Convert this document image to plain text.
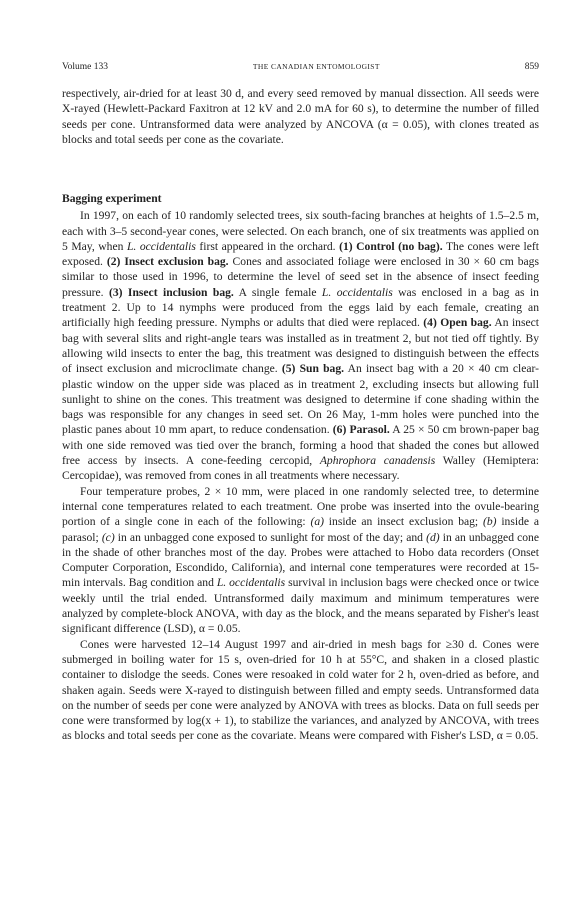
Volume 133	THE CANADIAN ENTOMOLOGIST	859

respectively, air-dried for at least 30 d, and every seed removed by manual dissection. All seeds were X-rayed (Hewlett-Packard Faxitron at 12 kV and 2.0 mA for 60 s), to determine the number of filled seeds per cone. Untransformed data were analyzed by ANCOVA (α = 0.05), with clones treated as blocks and total seeds per cone as the covariate.

Bagging experiment

In 1997, on each of 10 randomly selected trees, six south-facing branches at heights of 1.5–2.5 m, each with 3–5 second-year cones, were selected. On each branch, one of six treatments was applied on 5 May, when L. occidentalis first appeared in the orchard. (1) Control (no bag). The cones were left exposed. (2) Insect exclusion bag. Cones and associated foliage were enclosed in 30 × 60 cm bags similar to those used in 1996, to determine the level of seed set in the absence of insect feeding pressure. (3) Insect inclusion bag. A single female L. occidentalis was enclosed in a bag as in treatment 2. Up to 14 nymphs were produced from the eggs laid by each female, creating an artificially high feeding pressure. Nymphs or adults that died were replaced. (4) Open bag. An insect bag with several slits and right-angle tears was installed as in treatment 2, but not tied off tightly. By allowing wild insects to enter the bag, this treatment was designed to distinguish between the effects of insect exclusion and microclimate change. (5) Sun bag. An insect bag with a 20 × 40 cm clear-plastic window on the upper side was placed as in treatment 2, excluding insects but allowing full sunlight to shine on the cones. This treatment was designed to determine if cone shading within the bags was responsible for any changes in seed set. On 26 May, 1-mm holes were punched into the plastic panes about 10 mm apart, to reduce condensation. (6) Parasol. A 25 × 50 cm brown-paper bag with one side removed was tied over the branch, forming a hood that shaded the cones but allowed free access by insects. A cone-feeding cercopid, Aphrophora canadensis Walley (Hemiptera: Cercopidae), was removed from cones in all treatments where necessary.

Four temperature probes, 2 × 10 mm, were placed in one randomly selected tree, to determine internal cone temperatures related to each treatment. One probe was inserted into the ovule-bearing portion of a single cone in each of the following: (a) inside an insect exclusion bag; (b) inside a parasol; (c) in an unbagged cone exposed to sunlight for most of the day; and (d) in an unbagged cone in the shade of other branches most of the day. Probes were attached to Hobo data recorders (Onset Computer Corporation, Escondido, California), and internal cone temperatures were recorded at 15-min intervals. Bag condition and L. occidentalis survival in inclusion bags were checked once or twice weekly until the trial ended. Untransformed daily maximum and minimum temperatures were analyzed by complete-block ANOVA, with day as the block, and the means separated by Fisher's least significant difference (LSD), α = 0.05.

Cones were harvested 12–14 August 1997 and air-dried in mesh bags for ≥30 d. Cones were submerged in boiling water for 15 s, oven-dried for 10 h at 55°C, and shaken in a closed plastic container to dislodge the seeds. Cones were resoaked in cold water for 2 h, oven-dried as before, and shaken again. Seeds were X-rayed to distinguish between filled and empty seeds. Untransformed data on the number of seeds per cone were analyzed by ANOVA with trees as blocks. Data on full seeds per cone were transformed by log(x + 1), to stabilize the variances, and analyzed by ANCOVA, with trees as blocks and total seeds per cone as the covariate. Means were compared with Fisher's LSD, α = 0.05.
